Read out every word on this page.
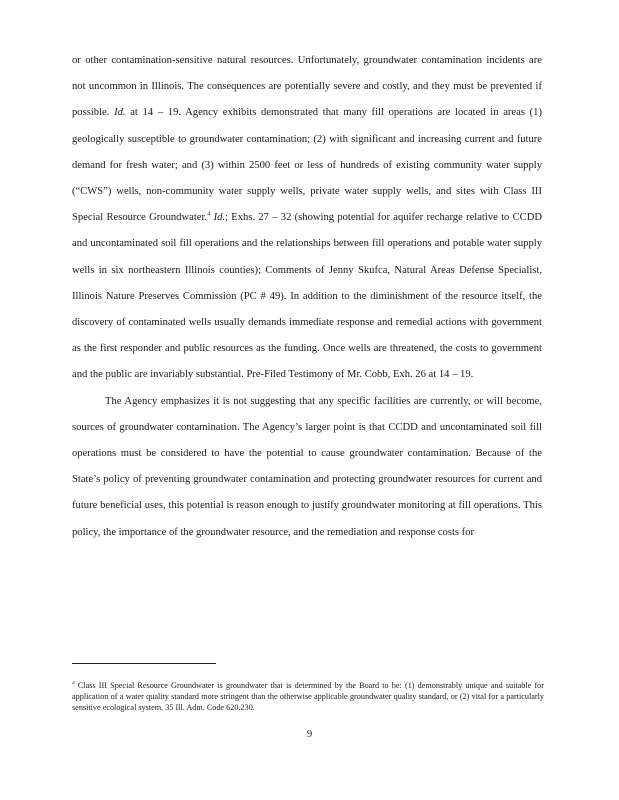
or other contamination-sensitive natural resources. Unfortunately, groundwater contamination incidents are not uncommon in Illinois. The consequences are potentially severe and costly, and they must be prevented if possible. Id. at 14 – 19. Agency exhibits demonstrated that many fill operations are located in areas (1) geologically susceptible to groundwater contamination; (2) with significant and increasing current and future demand for fresh water; and (3) within 2500 feet or less of hundreds of existing community water supply (“CWS”) wells, non-community water supply wells, private water supply wells, and sites with Class III Special Resource Groundwater.$^4$ Id.; Exhs. 27 – 32 (showing potential for aquifer recharge relative to CCDD and uncontaminated soil fill operations and the relationships between fill operations and potable water supply wells in six northeastern Illinois counties); Comments of Jenny Skufca, Natural Areas Defense Specialist, Illinois Nature Preserves Commission (PC # 49). In addition to the diminishment of the resource itself, the discovery of contaminated wells usually demands immediate response and remedial actions with government as the first responder and public resources as the funding. Once wells are threatened, the costs to government and the public are invariably substantial. Pre-Filed Testimony of Mr. Cobb, Exh. 26 at 14 – 19.

The Agency emphasizes it is not suggesting that any specific facilities are currently, or will become, sources of groundwater contamination. The Agency’s larger point is that CCDD and uncontaminated soil fill operations must be considered to have the potential to cause groundwater contamination. Because of the State’s policy of preventing groundwater contamination and protecting groundwater resources for current and future beneficial uses, this potential is reason enough to justify groundwater monitoring at fill operations. This policy, the importance of the groundwater resource, and the remediation and response costs for

$^4$ Class III Special Resource Groundwater is groundwater that is determined by the Board to be: (1) demonstrably unique and suitable for application of a water quality standard more stringent than the otherwise applicable groundwater quality standard, or (2) vital for a particularly sensitive ecological system. 35 Ill. Adm. Code 620.230.

9
